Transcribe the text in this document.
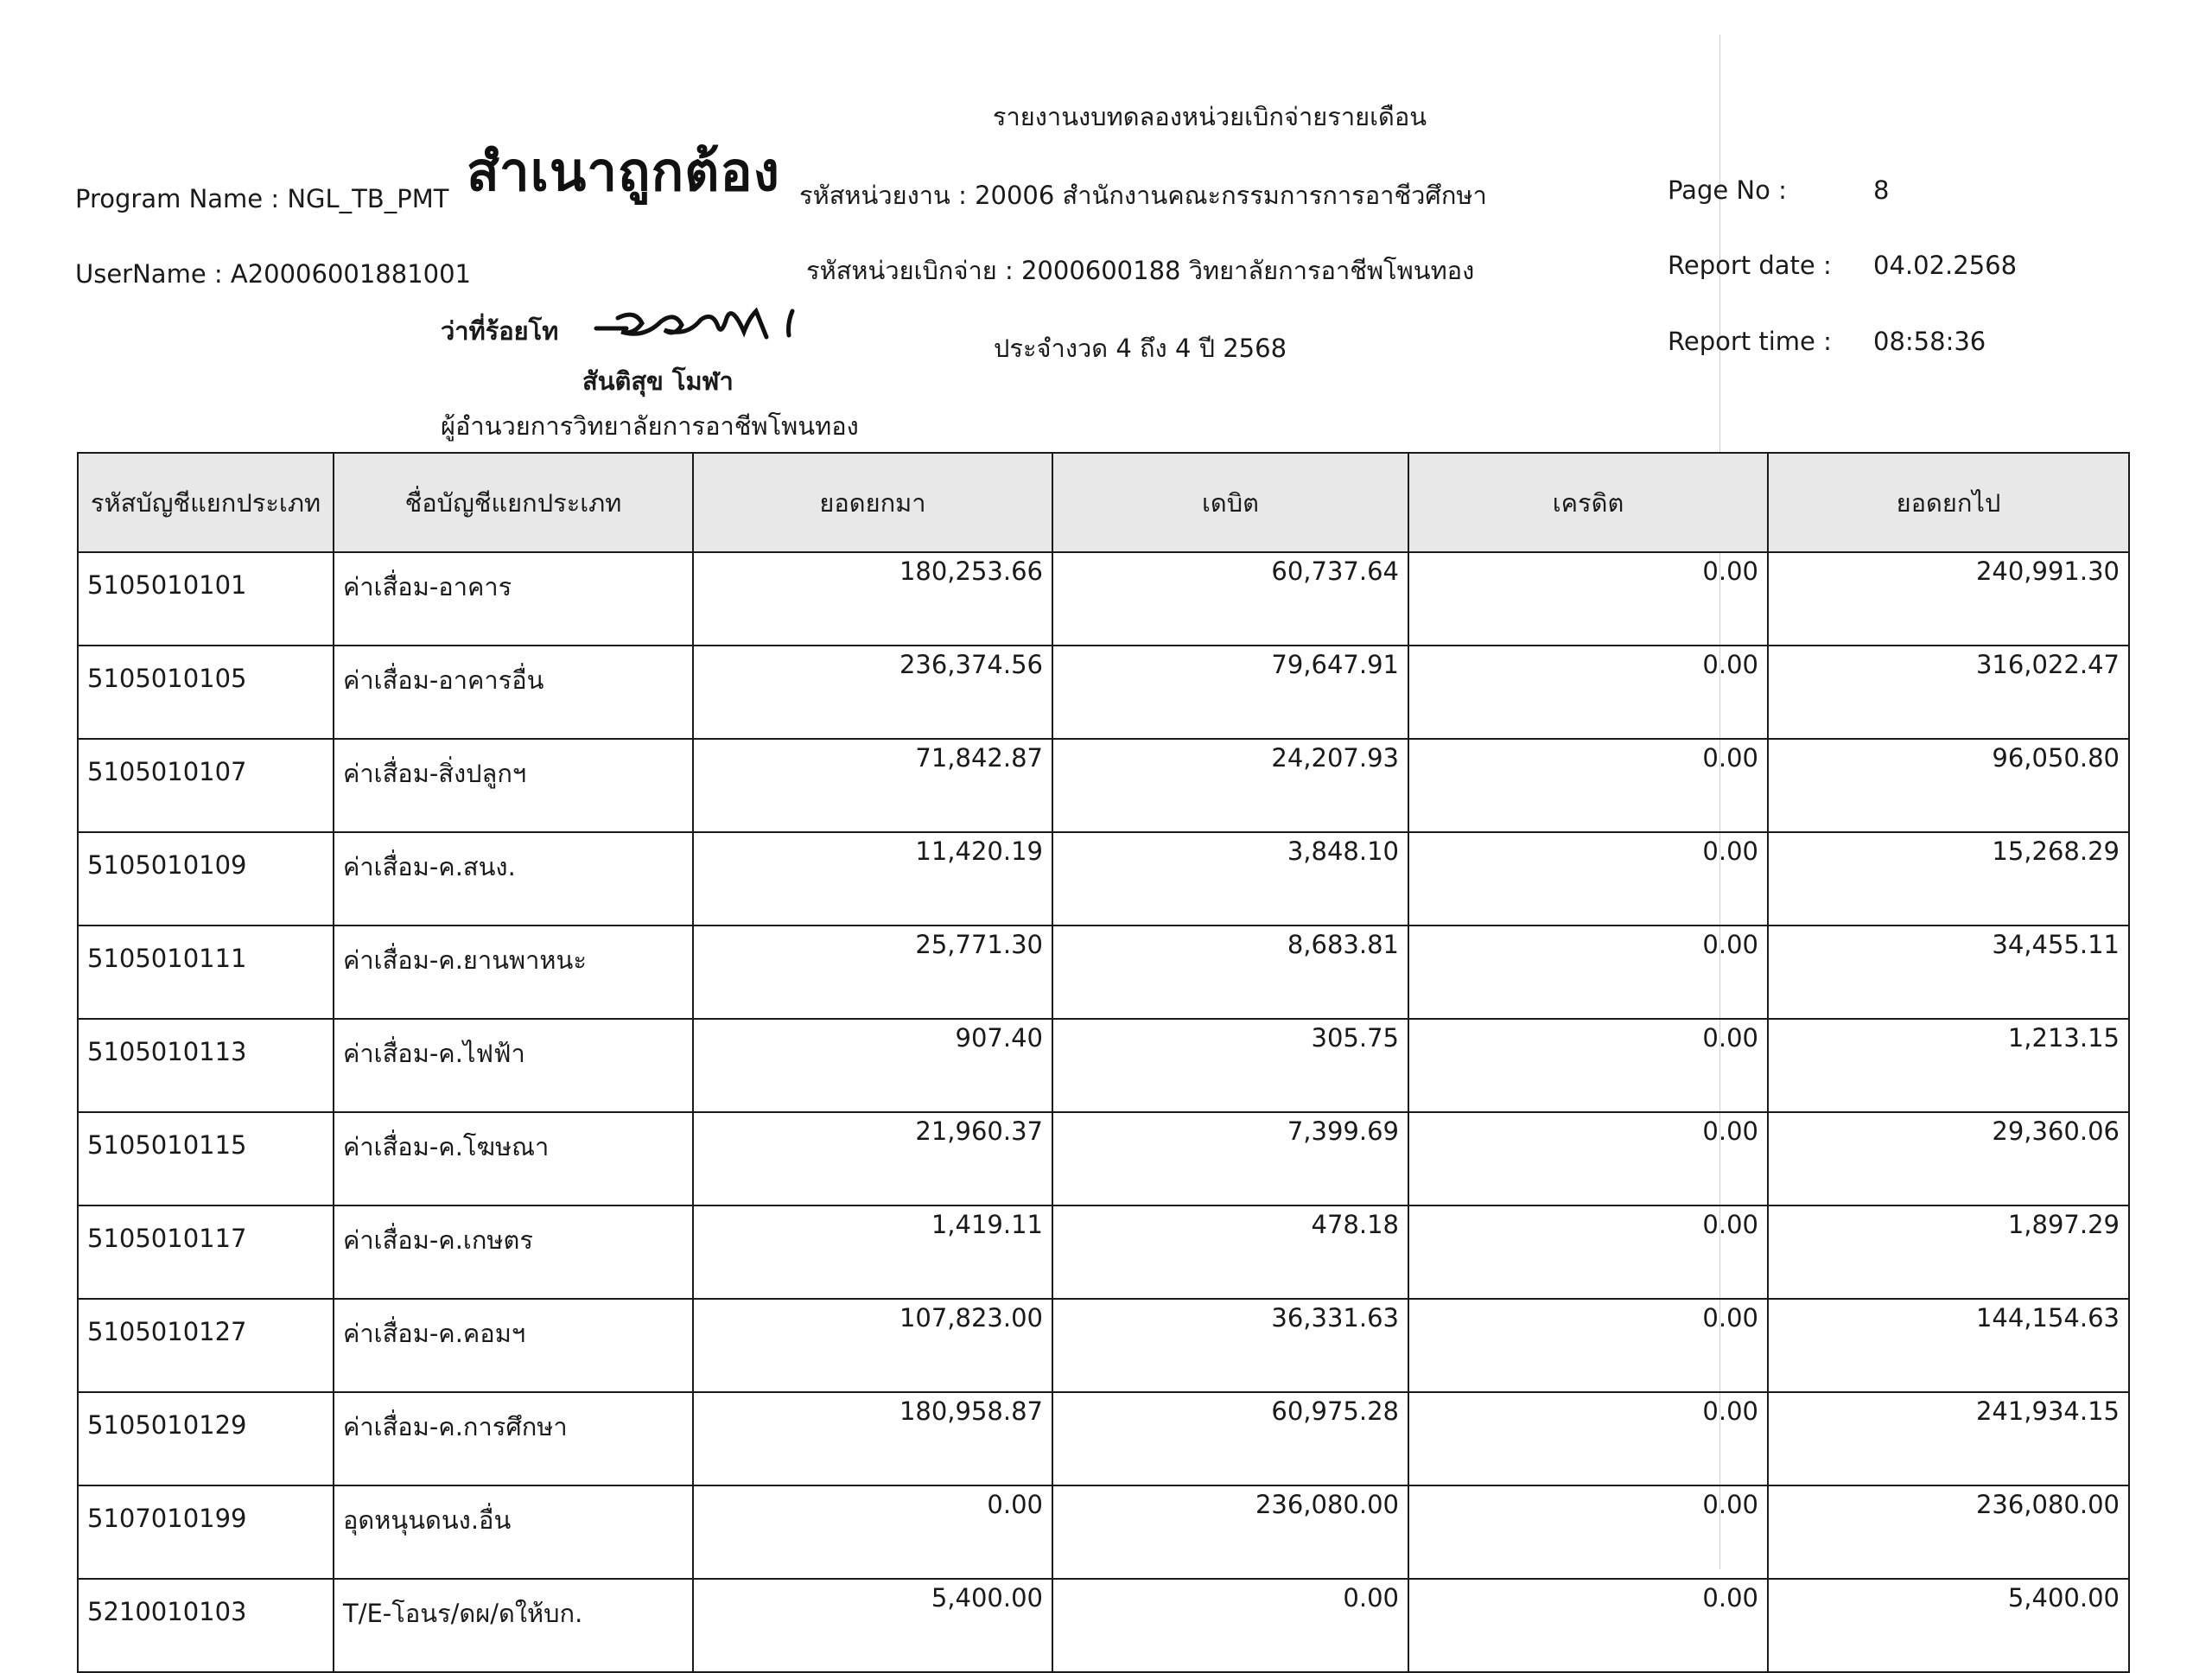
รายงานงบทดลองหน่วยเบิกจ่ายรายเดือน
Program Name : NGL_TB_PMT สำเนาถูกต้อง รหัสหน่วยงาน : 20006 สำนักงานคณะกรรมการการอาชีวศึกษา
UserName : A20006001881001	รหัสหน่วยเบิกจ่าย : 2000600188 วิทยาลัยการอาชีพโพนทอง
ประจำงวด 4 ถึง 4 ปี 2568
Page No :	8
Report date : 04.02.2568
Report time : 08:58:36
ว่าที่ร้อยโท
สันติสุข โมฬา
ผู้อำนวยการวิทยาลัยการอาชีพโพนทอง
รหัสบัญชีแยกประเภท	ชื่อบัญชีแยกประเภท	ยอดยกมา	เดบิต	เครดิต	ยอดยกไป
5105010101	ค่าเสื่อม-อาคาร	180,253.66	60,737.64	0.00	240,991.30
5105010105	ค่าเสื่อม-อาคารอื่น	236,374.56	79,647.91	0.00	316,022.47
5105010107	ค่าเสื่อม-สิ่งปลูกฯ	71,842.87	24,207.93	0.00	96,050.80
5105010109	ค่าเสื่อม-ค.สนง.	11,420.19	3,848.10	0.00	15,268.29
5105010111	ค่าเสื่อม-ค.ยานพาหนะ	25,771.30	8,683.81	0.00	34,455.11
5105010113	ค่าเสื่อม-ค.ไฟฟ้า	907.40	305.75	0.00	1,213.15
5105010115	ค่าเสื่อม-ค.โฆษณา	21,960.37	7,399.69	0.00	29,360.06
5105010117	ค่าเสื่อม-ค.เกษตร	1,419.11	478.18	0.00	1,897.29
5105010127	ค่าเสื่อม-ค.คอมฯ	107,823.00	36,331.63	0.00	144,154.63
5105010129	ค่าเสื่อม-ค.การศึกษา	180,958.87	60,975.28	0.00	241,934.15
5107010199	อุดหนุนดนง.อื่น	0.00	236,080.00	0.00	236,080.00
5210010103	T/E-โอนร/ดผ/ดให้บก.	5,400.00	0.00	0.00	5,400.00
